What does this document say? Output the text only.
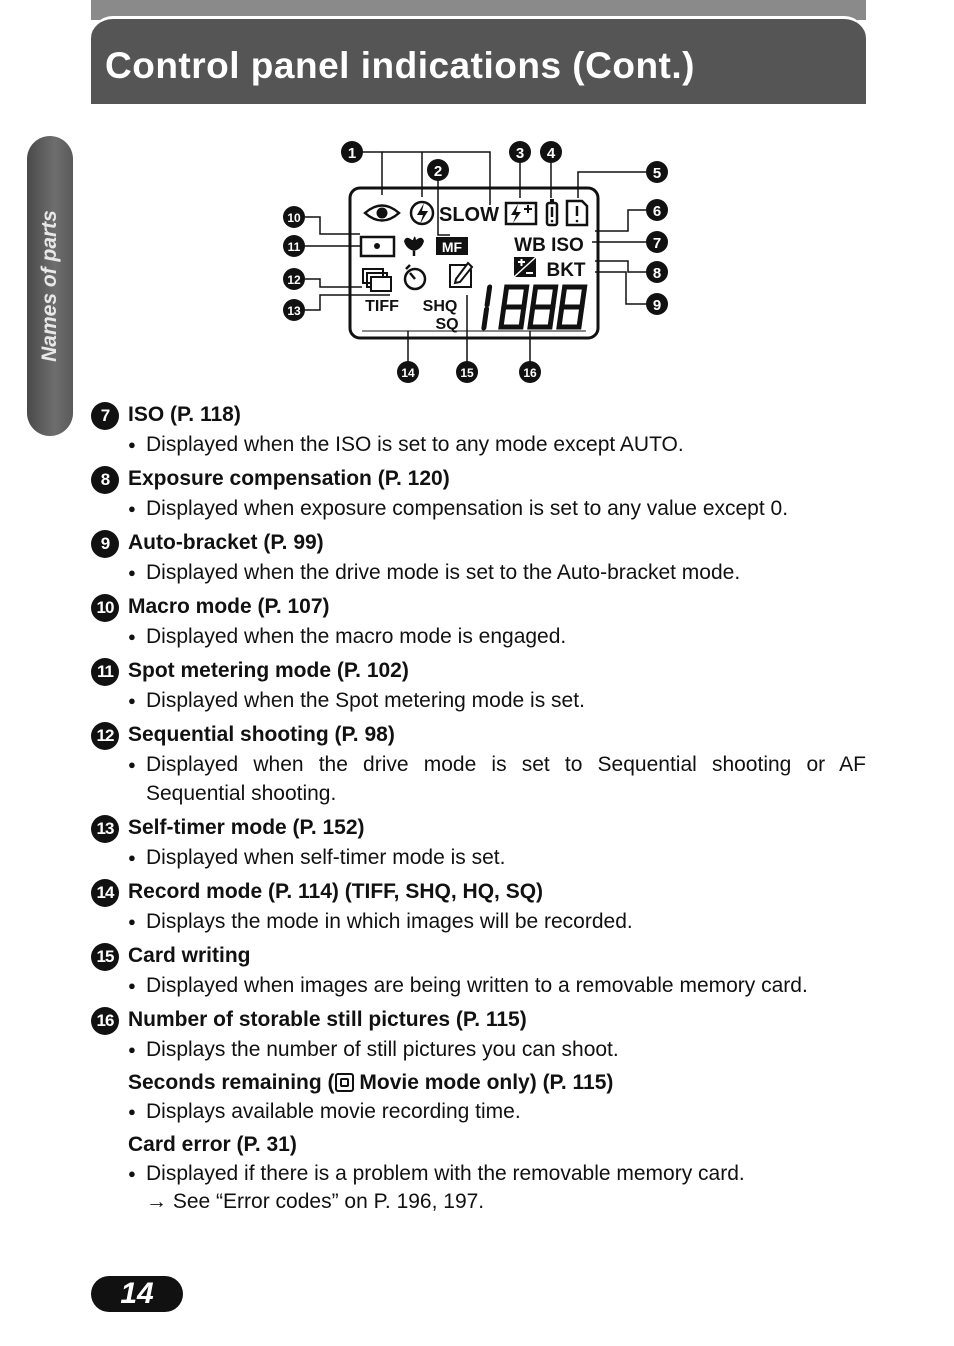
Control panel indications (Cont.)
Names of parts
1
2
3 4
5
6
7
8
9
10
11
12
13
14	15	16
SLOW
MF	WB ISO
BKT
TIFF SHQ
SQ
7 ISO (P. 118)
● Displayed when the ISO is set to any mode except AUTO.
8 Exposure compensation (P. 120)
● Displayed when exposure compensation is set to any value except 0.
9 Auto-bracket (P. 99)
● Displayed when the drive mode is set to the Auto-bracket mode.
10 Macro mode (P. 107)
● Displayed when the macro mode is engaged.
11 Spot metering mode (P. 102)
● Displayed when the Spot metering mode is set.
12 Sequential shooting (P. 98)
● Displayed when the drive mode is set to Sequential shooting or AF Sequential shooting.
13 Self-timer mode (P. 152)
● Displayed when self-timer mode is set.
14 Record mode (P. 114) (TIFF, SHQ, HQ, SQ)
● Displays the mode in which images will be recorded.
15 Card writing
● Displayed when images are being written to a removable memory card.
16 Number of storable still pictures (P. 115)
● Displays the number of still pictures you can shoot.
Seconds remaining ( Movie mode only) (P. 115)
● Displays available movie recording time.
Card error (P. 31)
● Displayed if there is a problem with the removable memory card.
→ See “Error codes” on P. 196, 197.
14
